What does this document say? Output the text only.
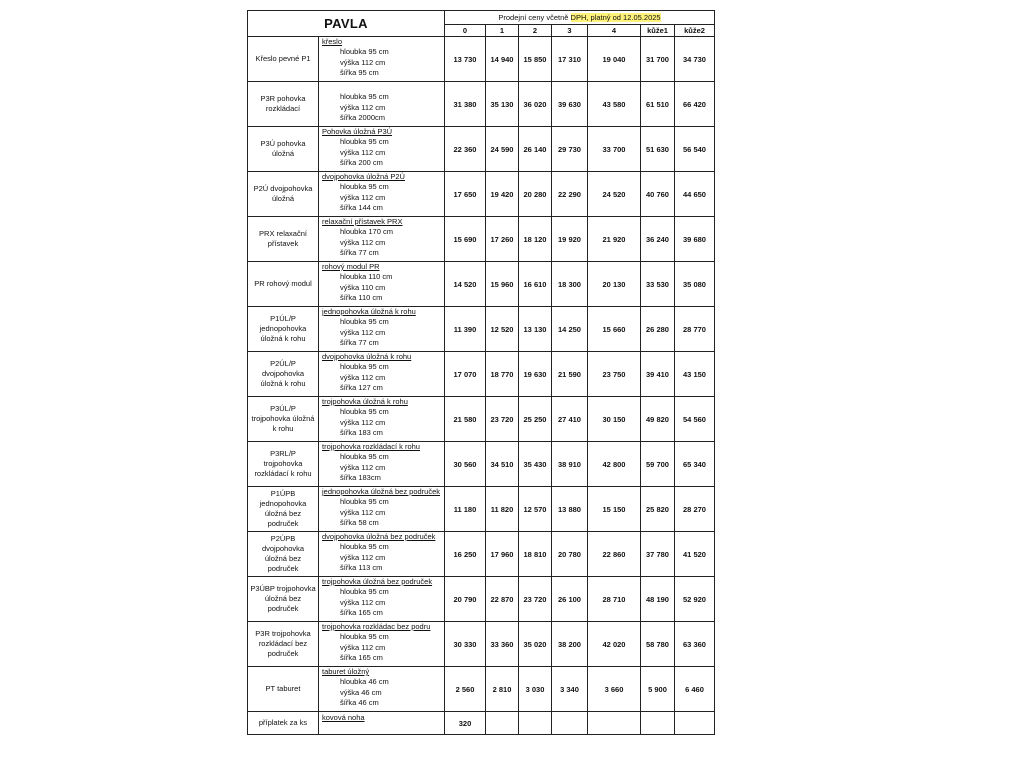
PAVLA		Prodejní ceny včetně DPH, platný od 12.05.2025						
		0	1	2	3	4	kůže1	kůže2
Křeslo pevné P1	křeslo
hloubka 95 cm
výška 112 cm
šířka 95 cm	13 730	14 940	15 850	17 310	19 040	31 700	34 730
P3R pohovka rozkládací	hloubka 95 cm
výška 112 cm
šířka 2000cm	31 380	35 130	36 020	39 630	43 580	61 510	66 420
P3Ú pohovka úložná	Pohovka úložná P3Ú
hloubka 95 cm
výška 112 cm
šířka 200 cm	22 360	24 590	26 140	29 730	33 700	51 630	56 540
P2Ú dvojpohovka úložná	dvojpohovka úložná P2Ú
hloubka 95 cm
výška 112 cm
šířka 144 cm	17 650	19 420	20 280	22 290	24 520	40 760	44 650
PRX relaxační přístavek	relaxační přístavek PRX
hloubka 170 cm
výška 112 cm
šířka 77 cm	15 690	17 260	18 120	19 920	21 920	36 240	39 680
PR rohový modul	rohový modul PR
hloubka 110 cm
výška 110 cm
šířka 110 cm	14 520	15 960	16 610	18 300	20 130	33 530	35 080
P1ÚL/P jednopohovka úložná k rohu	jednopohovka úložná k rohu
hloubka 95 cm
výška 112 cm
šířka 77 cm	11 390	12 520	13 130	14 250	15 660	26 280	28 770
P2ÚL/P dvojpohovka úložná k rohu	dvojpohovka úložná k rohu
hloubka 95 cm
výška 112 cm
šířka 127 cm	17 070	18 770	19 630	21 590	23 750	39 410	43 150
P3ÚL/P trojpohovka úložná k rohu	trojpohovka úložná k rohu
hloubka 95 cm
výška 112 cm
šířka 183 cm	21 580	23 720	25 250	27 410	30 150	49 820	54 560
P3RL/P trojpohovka rozkládací k rohu	trojpohovka rozkládací k rohu
hloubka 95 cm
výška 112 cm
šířka 183cm	30 560	34 510	35 430	38 910	42 800	59 700	65 340
P1ÚPB jednopohovka úložná bez područek	jednopohovka úložná bez područek
hloubka 95 cm
výška 112 cm
šířka 58 cm	11 180	11 820	12 570	13 880	15 150	25 820	28 270
P2ÚPB dvojpohovka úložná bez područek	dvojpohovka úložná bez područek
hloubka 95 cm
výška 112 cm
šířka 113 cm	16 250	17 960	18 810	20 780	22 860	37 780	41 520
P3ÚBP trojpohovka úložná bez područek	trojpohovka úložná bez područek
hloubka 95 cm
výška 112 cm
šířka 165 cm	20 790	22 870	23 720	26 100	28 710	48 190	52 920
P3R trojpohovka rozkládací bez područek	trojpohovka rozkládac bez podru
hloubka 95 cm
výška 112 cm
šířka 165 cm	30 330	33 360	35 020	38 200	42 020	58 780	63 360
PT taburet	taburet úložný
hloubka 46 cm
výška 46 cm
šířka 46 cm	2 560	2 810	3 030	3 340	3 660	5 900	6 460
příplatek za ks	kovová noha	320						
